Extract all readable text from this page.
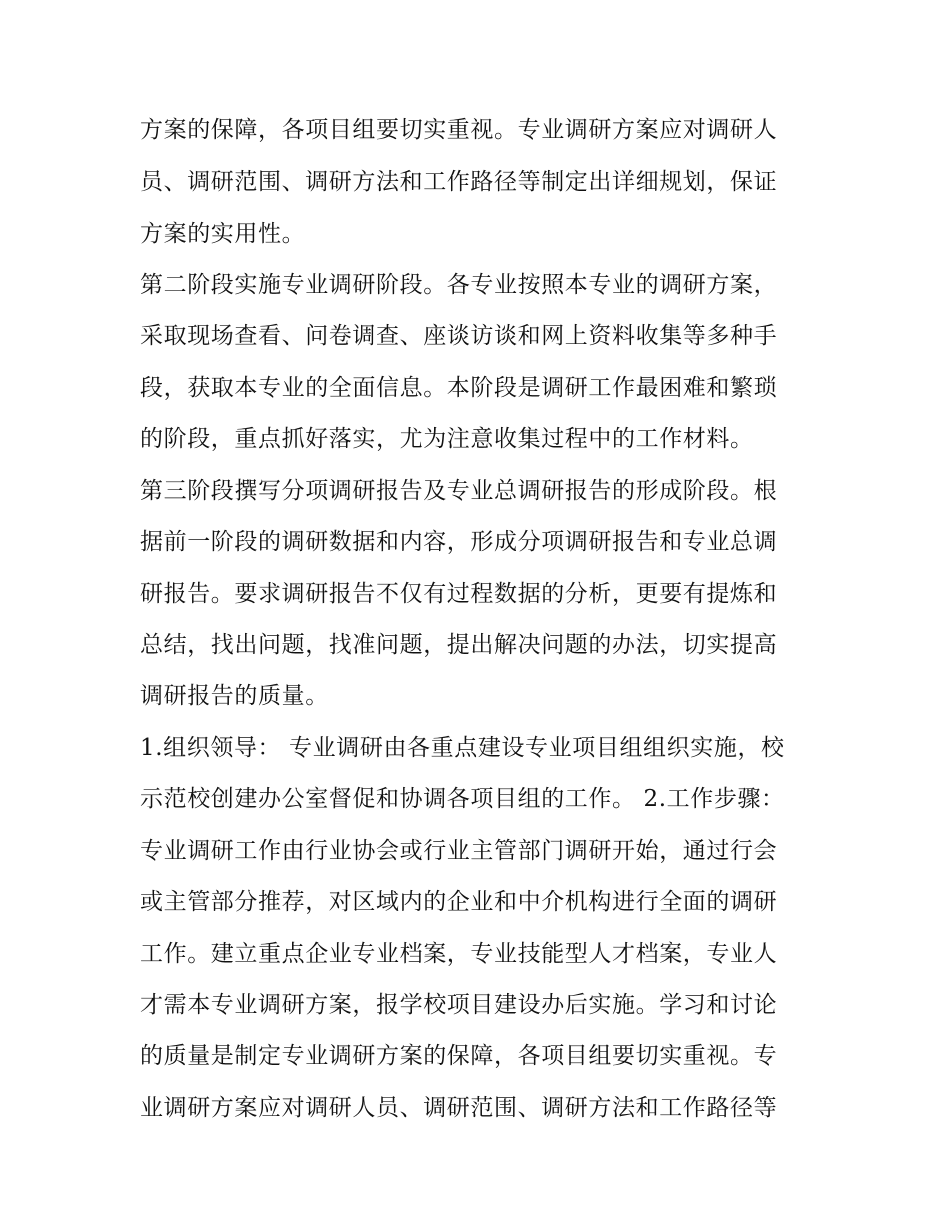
方案的保障，各项目组要切实重视。专业调研方案应对调研人
员、调研范围、调研方法和工作路径等制定出详细规划，保证
方案的实用性。
第二阶段实施专业调研阶段。各专业按照本专业的调研方案，
采取现场查看、问卷调查、座谈访谈和网上资料收集等多种手
段，获取本专业的全面信息。本阶段是调研工作最困难和繁琐
的阶段，重点抓好落实，尤为注意收集过程中的工作材料。
第三阶段撰写分项调研报告及专业总调研报告的形成阶段。根
据前一阶段的调研数据和内容，形成分项调研报告和专业总调
研报告。要求调研报告不仅有过程数据的分析，更要有提炼和
总结，找出问题，找准问题，提出解决问题的办法，切实提高
调研报告的质量。
1.组织领导： 专业调研由各重点建设专业项目组组织实施，校
示范校创建办公室督促和协调各项目组的工作。 2.工作步骤：
专业调研工作由行业协会或行业主管部门调研开始，通过行会
或主管部分推荐，对区域内的企业和中介机构进行全面的调研
工作。建立重点企业专业档案，专业技能型人才档案，专业人
才需本专业调研方案，报学校项目建设办后实施。学习和讨论
的质量是制定专业调研方案的保障，各项目组要切实重视。专
业调研方案应对调研人员、调研范围、调研方法和工作路径等
